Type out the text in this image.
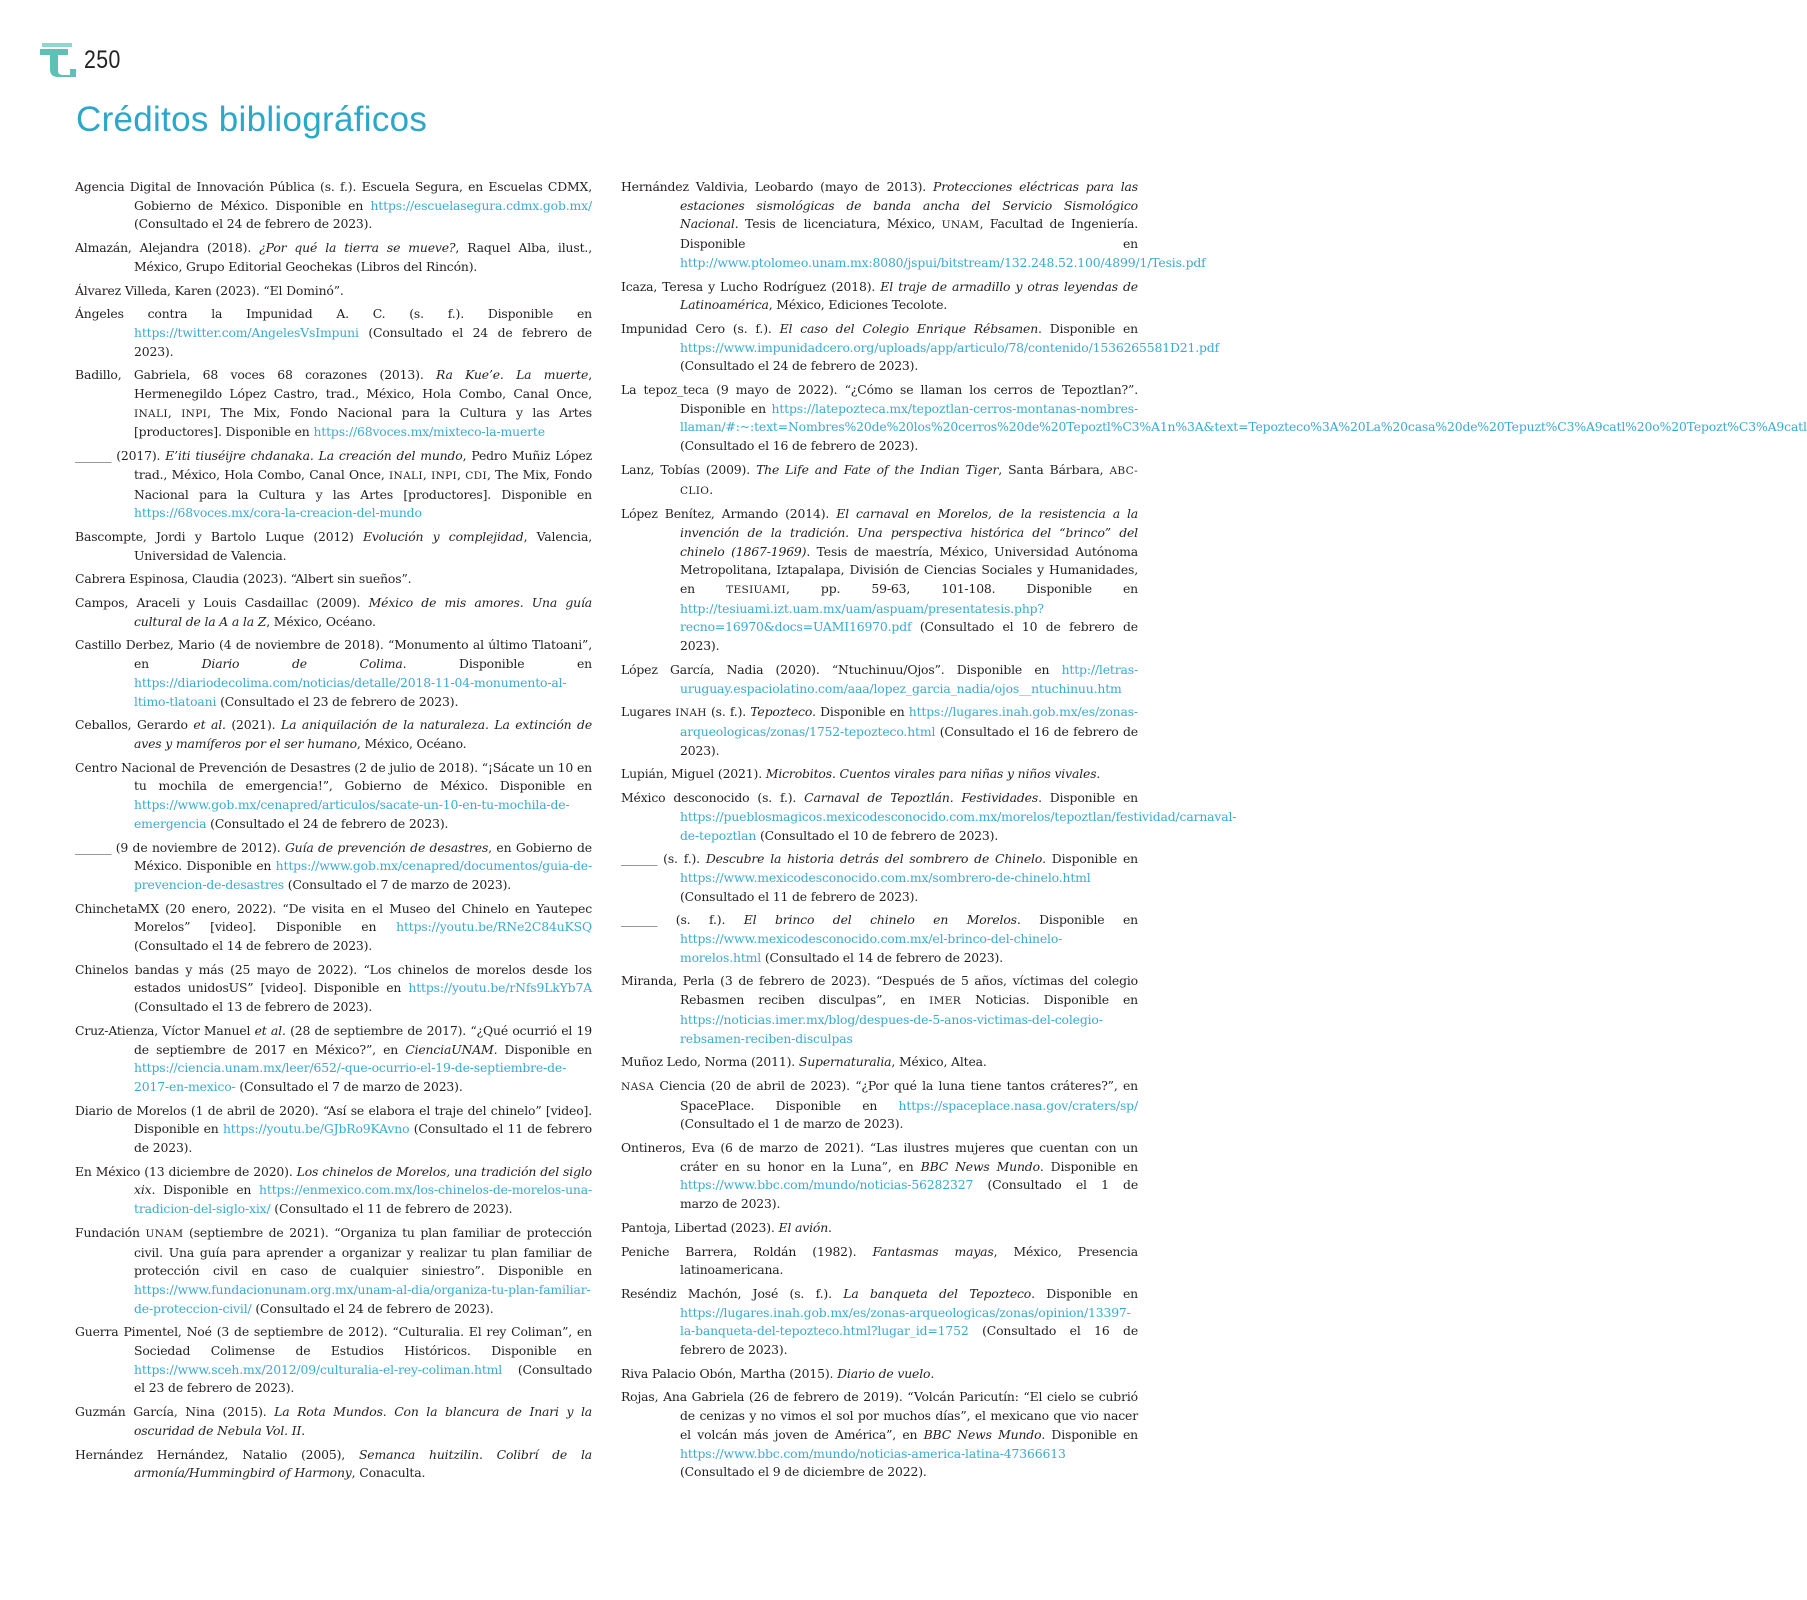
250
Créditos bibliográficos

Agencia Digital de Innovación Pública (s. f.). Escuela Segura, en Escuelas CDMX, Gobierno de México. Disponible en https://escuelasegura.cdmx.gob.mx/ (Consultado el 24 de febrero de 2023).

Almazán, Alejandra (2018). ¿Por qué la tierra se mueve?, Raquel Alba, ilust., México, Grupo Editorial Geochekas (Libros del Rincón).

Álvarez Villeda, Karen (2023). “El Dominó”.

Ángeles contra la Impunidad A. C. (s. f.). Disponible en https://twitter.com/AngelesVsImpuni (Consultado el 24 de febrero de 2023).

Badillo, Gabriela, 68 voces 68 corazones (2013). Ra Kue’e. La muerte, Hermenegildo López Castro, trad., México, Hola Combo, Canal Once, INALI, INPI, The Mix, Fondo Nacional para la Cultura y las Artes [productores]. Disponible en https://68voces.mx/mixteco-la-muerte

______ (2017). E’iti tiuséijre chdanaka. La creación del mundo, Pedro Muñiz López trad., México, Hola Combo, Canal Once, INALI, INPI, CDI, The Mix, Fondo Nacional para la Cultura y las Artes [productores]. Disponible en https://68voces.mx/cora-la-creacion-del-mundo

Bascompte, Jordi y Bartolo Luque (2012) Evolución y complejidad, Valencia, Universidad de Valencia.

Cabrera Espinosa, Claudia (2023). “Albert sin sueños”.

Campos, Araceli y Louis Casdaillac (2009). México de mis amores. Una guía cultural de la A a la Z, México, Océano.

Castillo Derbez, Mario (4 de noviembre de 2018). “Monumento al último Tlatoani”, en Diario de Colima. Disponible en https://diariodecolima.com/noticias/detalle/2018-11-04-monumento-al-ltimo-tlatoani (Consultado el 23 de febrero de 2023).

Ceballos, Gerardo et al. (2021). La aniquilación de la naturaleza. La extinción de aves y mamíferos por el ser humano, México, Océano.

Centro Nacional de Prevención de Desastres (2 de julio de 2018). “¡Sácate un 10 en tu mochila de emergencia!”, Gobierno de México. Disponible en https://www.gob.mx/cenapred/articulos/sacate-un-10-en-tu-mochila-de-emergencia (Consultado el 24 de febrero de 2023).

______ (9 de noviembre de 2012). Guía de prevención de desastres, en Gobierno de México. Disponible en https://www.gob.mx/cenapred/documentos/guia-de-prevencion-de-desastres (Consultado el 7 de marzo de 2023).

ChinchetaMX (20 enero, 2022). “De visita en el Museo del Chinelo en Yautepec Morelos” [video]. Disponible en https://youtu.be/RNe2C84uKSQ (Consultado el 14 de febrero de 2023).

Chinelos bandas y más (25 mayo de 2022). “Los chinelos de morelos desde los estados unidosUS” [video]. Disponible en https://youtu.be/rNfs9LkYb7A (Consultado el 13 de febrero de 2023).

Cruz-Atienza, Víctor Manuel et al. (28 de septiembre de 2017). “¿Qué ocurrió el 19 de septiembre de 2017 en México?”, en CienciaUNAM. Disponible en https://ciencia.unam.mx/leer/652/-que-ocurrio-el-19-de-septiembre-de-2017-en-mexico- (Consultado el 7 de marzo de 2023).

Diario de Morelos (1 de abril de 2020). “Así se elabora el traje del chinelo” [video]. Disponible en https://youtu.be/GJbRo9KAvno (Consultado el 11 de febrero de 2023).

En México (13 diciembre de 2020). Los chinelos de Morelos, una tradición del siglo xix. Disponible en https://enmexico.com.mx/los-chinelos-de-morelos-una-tradicion-del-siglo-xix/ (Consultado el 11 de febrero de 2023).

Fundación UNAM (septiembre de 2021). “Organiza tu plan familiar de protección civil. Una guía para aprender a organizar y realizar tu plan familiar de protección civil en caso de cualquier siniestro”. Disponible en https://www.fundacionunam.org.mx/unam-al-dia/organiza-tu-plan-familiar-de-proteccion-civil/ (Consultado el 24 de febrero de 2023).

Guerra Pimentel, Noé (3 de septiembre de 2012). “Culturalia. El rey Coliman”, en Sociedad Colimense de Estudios Históricos. Disponible en https://www.sceh.mx/2012/09/culturalia-el-rey-coliman.html (Consultado el 23 de febrero de 2023).

Guzmán García, Nina (2015). La Rota Mundos. Con la blancura de Inari y la oscuridad de Nebula Vol. II.

Hernández Hernández, Natalio (2005), Semanca huitzilin. Colibrí de la armonía/Hummingbird of Harmony, Conaculta.

Hernández Valdivia, Leobardo (mayo de 2013). Protecciones eléctricas para las estaciones sismológicas de banda ancha del Servicio Sismológico Nacional. Tesis de licenciatura, México, UNAM, Facultad de Ingeniería. Disponible en http://www.ptolomeo.unam.mx:8080/jspui/bitstream/132.248.52.100/4899/1/Tesis.pdf

Icaza, Teresa y Lucho Rodríguez (2018). El traje de armadillo y otras leyendas de Latinoamérica, México, Ediciones Tecolote.

Impunidad Cero (s. f.). El caso del Colegio Enrique Rébsamen. Disponible en https://www.impunidadcero.org/uploads/app/articulo/78/contenido/1536265581D21.pdf (Consultado el 24 de febrero de 2023).

La tepoz_teca (9 mayo de 2022). “¿Cómo se llaman los cerros de Tepoztlan?”. Disponible en https://latepozteca.mx/tepoztlan-cerros-montanas-nombres-llaman/#:~:text=Nombres%20de%20los%20cerros%20de%20Tepoztl%C3%A1n%3A&text=Tepozteco%3A%20La%20casa%20de%20Tepuzt%C3%A9catl%20o%20Tepozt%C3%A9catl (Consultado el 16 de febrero de 2023).

Lanz, Tobías (2009). The Life and Fate of the Indian Tiger, Santa Bárbara, ABC-CLIO.

López Benítez, Armando (2014). El carnaval en Morelos, de la resistencia a la invención de la tradición. Una perspectiva histórica del “brinco” del chinelo (1867-1969). Tesis de maestría, México, Universidad Autónoma Metropolitana, Iztapalapa, División de Ciencias Sociales y Humanidades, en TESIUAMI, pp. 59-63, 101-108. Disponible en http://tesiuami.izt.uam.mx/uam/aspuam/presentatesis.php?recno=16970&docs=UAMI16970.pdf (Consultado el 10 de febrero de 2023).

López García, Nadia (2020). “Ntuchinuu/Ojos”. Disponible en http://letras-uruguay.espaciolatino.com/aaa/lopez_garcia_nadia/ojos__ntuchinuu.htm

Lugares INAH (s. f.). Tepozteco. Disponible en https://lugares.inah.gob.mx/es/zonas-arqueologicas/zonas/1752-tepozteco.html (Consultado el 16 de febrero de 2023).

Lupián, Miguel (2021). Microbitos. Cuentos virales para niñas y niños vivales.

México desconocido (s. f.). Carnaval de Tepoztlán. Festividades. Disponible en https://pueblosmagicos.mexicodesconocido.com.mx/morelos/tepoztlan/festividad/carnaval-de-tepoztlan (Consultado el 10 de febrero de 2023).

______ (s. f.). Descubre la historia detrás del sombrero de Chinelo. Disponible en https://www.mexicodesconocido.com.mx/sombrero-de-chinelo.html (Consultado el 11 de febrero de 2023).

______ (s. f.). El brinco del chinelo en Morelos. Disponible en https://www.mexicodesconocido.com.mx/el-brinco-del-chinelo-morelos.html (Consultado el 14 de febrero de 2023).

Miranda, Perla (3 de febrero de 2023). “Después de 5 años, víctimas del colegio Rebasmen reciben disculpas”, en IMER Noticias. Disponible en https://noticias.imer.mx/blog/despues-de-5-anos-victimas-del-colegio-rebsamen-reciben-disculpas

Muñoz Ledo, Norma (2011). Supernaturalia, México, Altea.

NASA Ciencia (20 de abril de 2023). “¿Por qué la luna tiene tantos cráteres?”, en SpacePlace. Disponible en https://spaceplace.nasa.gov/craters/sp/ (Consultado el 1 de marzo de 2023).

Ontineros, Eva (6 de marzo de 2021). “Las ilustres mujeres que cuentan con un cráter en su honor en la Luna”, en BBC News Mundo. Disponible en https://www.bbc.com/mundo/noticias-56282327 (Consultado el 1 de marzo de 2023).

Pantoja, Libertad (2023). El avión.

Peniche Barrera, Roldán (1982). Fantasmas mayas, México, Presencia latinoamericana.

Reséndiz Machón, José (s. f.). La banqueta del Tepozteco. Disponible en https://lugares.inah.gob.mx/es/zonas-arqueologicas/zonas/opinion/13397-la-banqueta-del-tepozteco.html?lugar_id=1752 (Consultado el 16 de febrero de 2023).

Riva Palacio Obón, Martha (2015). Diario de vuelo.

Rojas, Ana Gabriela (26 de febrero de 2019). “Volcán Paricutín: “El cielo se cubrió de cenizas y no vimos el sol por muchos días”, el mexicano que vio nacer el volcán más joven de América”, en BBC News Mundo. Disponible en https://www.bbc.com/mundo/noticias-america-latina-47366613 (Consultado el 9 de diciembre de 2022).
